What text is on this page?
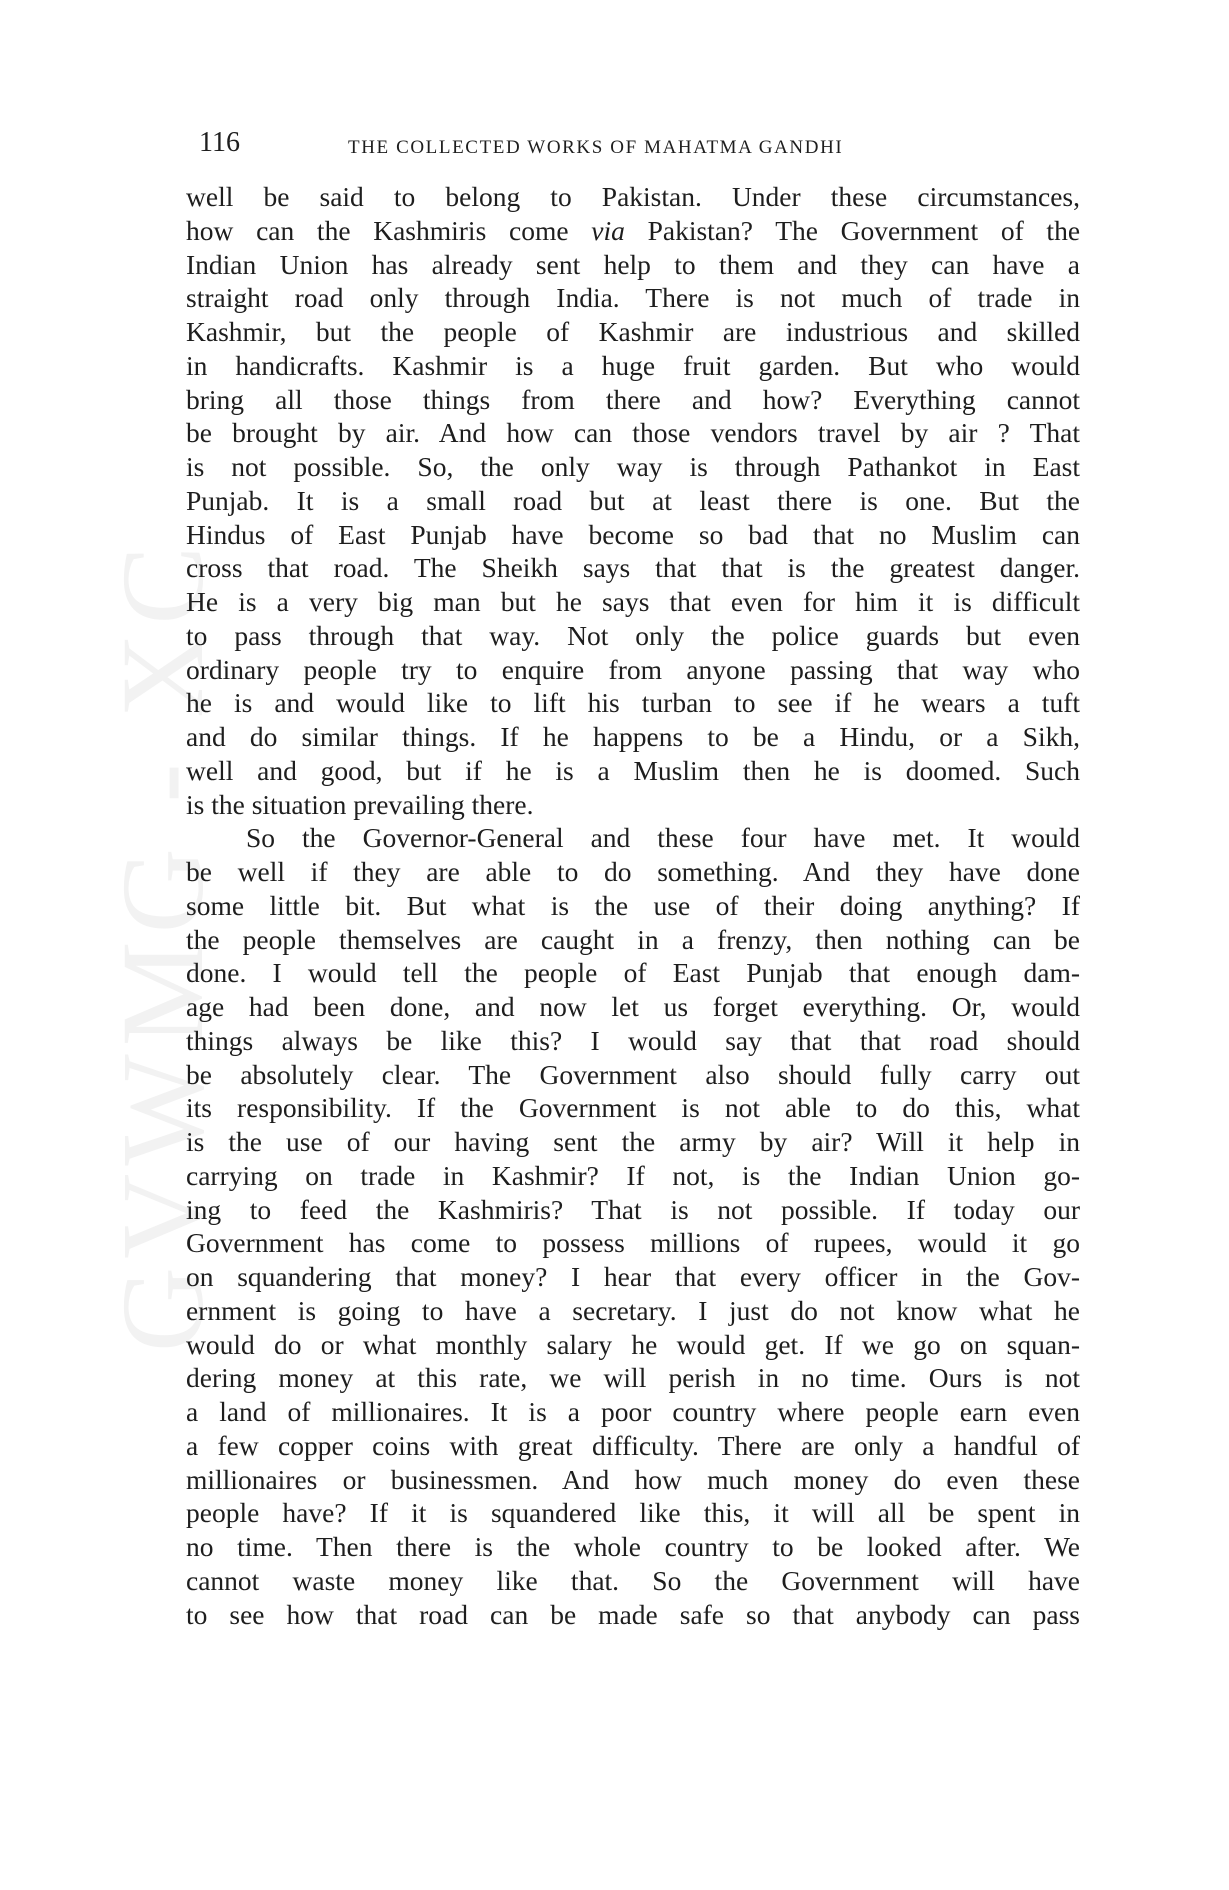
GVWMG - XC
116	THE COLLECTED WORKS OF MAHATMA GANDHI
well be said to belong to Pakistan. Under these circumstances,
how can the Kashmiris come via Pakistan? The Government of the
Indian Union has already sent help to them and they can have a
straight road only through India. There is not much of trade in
Kashmir, but the people of Kashmir are industrious and skilled
in handicrafts. Kashmir is a huge fruit garden. But who would
bring all those things from there and how? Everything cannot
be brought by air. And how can those vendors travel by air ? That
is not possible. So, the only way is through Pathankot in East
Punjab. It is a small road but at least there is one. But the
Hindus of East Punjab have become so bad that no Muslim can
cross that road. The Sheikh says that that is the greatest danger.
He is a very big man but he says that even for him it is difficult
to pass through that way. Not only the police guards but even
ordinary people try to enquire from anyone passing that way who
he is and would like to lift his turban to see if he wears a tuft
and do similar things. If he happens to be a Hindu, or a Sikh,
well and good, but if he is a Muslim then he is doomed. Such
is the situation prevailing there.
So the Governor-General and these four have met. It would
be well if they are able to do something. And they have done
some little bit. But what is the use of their doing anything? If
the people themselves are caught in a frenzy, then nothing can be
done. I would tell the people of East Punjab that enough dam-
age had been done, and now let us forget everything. Or, would
things always be like this? I would say that that road should
be absolutely clear. The Government also should fully carry out
its responsibility. If the Government is not able to do this, what
is the use of our having sent the army by air? Will it help in
carrying on trade in Kashmir? If not, is the Indian Union go-
ing to feed the Kashmiris? That is not possible. If today our
Government has come to possess millions of rupees, would it go
on squandering that money? I hear that every officer in the Gov-
ernment is going to have a secretary. I just do not know what he
would do or what monthly salary he would get. If we go on squan-
dering money at this rate, we will perish in no time. Ours is not
a land of millionaires. It is a poor country where people earn even
a few copper coins with great difficulty. There are only a handful of
millionaires or businessmen. And how much money do even these
people have? If it is squandered like this, it will all be spent in
no time. Then there is the whole country to be looked after. We
cannot waste money like that. So the Government will have
to see how that road can be made safe so that anybody can pass
